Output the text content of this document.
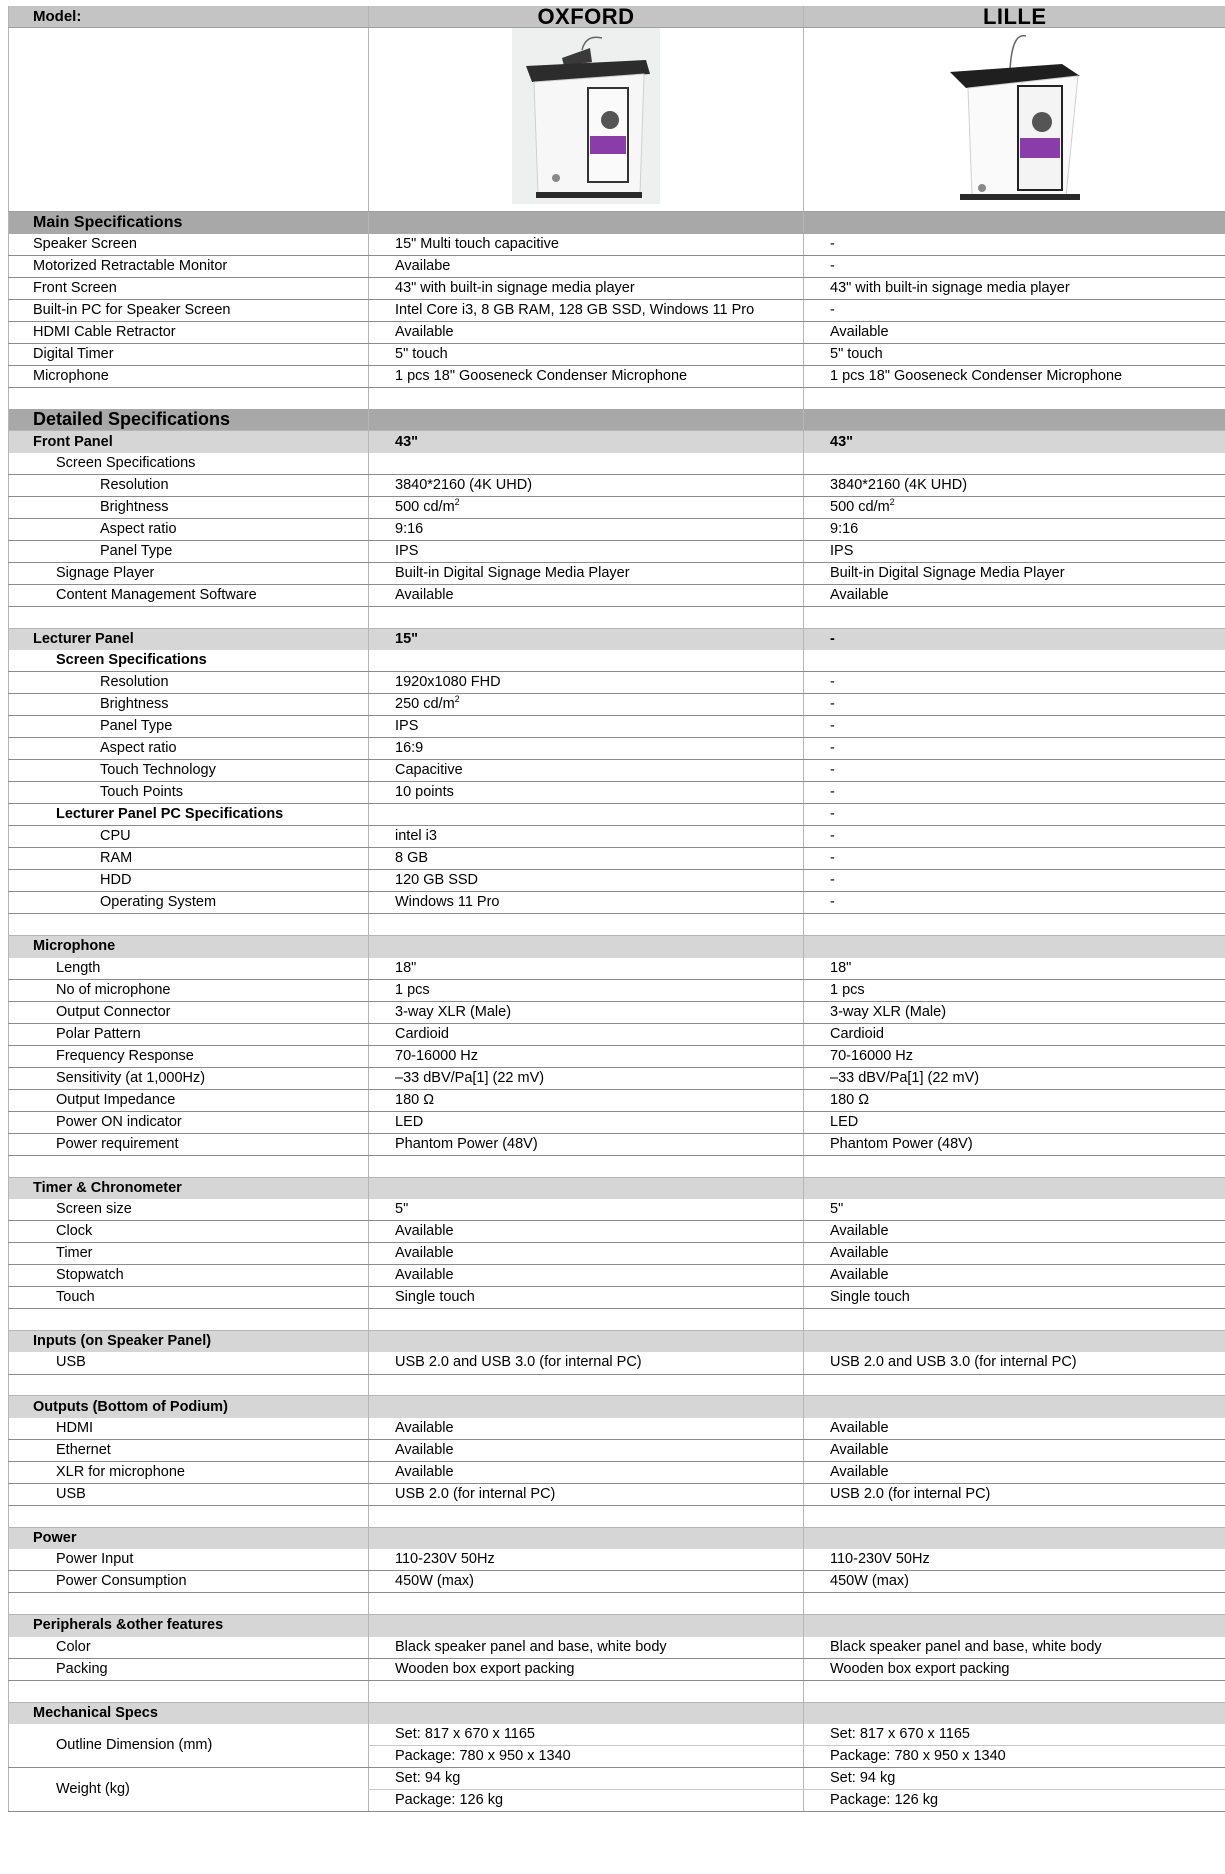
Model:	OXFORD	LILLE

Main Specifications		
Speaker Screen	15" Multi touch capacitive	-
Motorized Retractable Monitor	Availabe	-
Front Screen	43" with built-in signage media player	43" with built-in signage media player
Built-in PC for Speaker Screen	Intel Core i3, 8 GB RAM, 128 GB SSD, Windows 11 Pro	-
HDMI Cable Retractor	Available	Available
Digital Timer	5" touch	5" touch
Microphone	1 pcs 18" Gooseneck Condenser Microphone	1 pcs 18" Gooseneck Condenser Microphone

Detailed Specifications		
Front Panel	43"	43"
Screen Specifications		
Resolution	3840*2160 (4K UHD)	3840*2160 (4K UHD)
Brightness	500 $cd/m^2$	500 $cd/m^2$
Aspect ratio	9:16	9:16
Panel Type	IPS	IPS
Signage Player	Built-in Digital Signage Media Player	Built-in Digital Signage Media Player
Content Management Software	Available	Available

Lecturer Panel	15"	-
Screen Specifications		
Resolution	1920x1080 FHD	-
Brightness	250 $cd/m^2$	-
Panel Type	IPS	-
Aspect ratio	16:9	-
Touch Technology	Capacitive	-
Touch Points	10 points	-
Lecturer Panel PC Specifications		-
CPU	intel i3	-
RAM	8 GB	-
HDD	120 GB SSD	-
Operating System	Windows 11 Pro	-

Microphone		
Length	18"	18"
No of microphone	1 pcs	1 pcs
Output Connector	3-way XLR (Male)	3-way XLR (Male)
Polar Pattern	Cardioid	Cardioid
Frequency Response	70-16000 Hz	70-16000 Hz
Sensitivity (at 1,000Hz)	–33 dBV/Pa[1] (22 mV)	–33 dBV/Pa[1] (22 mV)
Output Impedance	180 Ω	180 Ω
Power ON indicator	LED	LED
Power requirement	Phantom Power (48V)	Phantom Power (48V)

Timer & Chronometer		
Screen size	5"	5"
Clock	Available	Available
Timer	Available	Available
Stopwatch	Available	Available
Touch	Single touch	Single touch

Inputs (on Speaker Panel)		
USB	USB 2.0 and USB 3.0 (for internal PC)	USB 2.0 and USB 3.0 (for internal PC)

Outputs (Bottom of Podium)		
HDMI	Available	Available
Ethernet	Available	Available
XLR for microphone	Available	Available
USB	USB 2.0 (for internal PC)	USB 2.0 (for internal PC)

Power		
Power Input	110-230V 50Hz	110-230V 50Hz
Power Consumption	450W (max)	450W (max)

Peripherals &other features		
Color	Black speaker panel and base, white body	Black speaker panel and base, white body
Packing	Wooden box export packing	Wooden box export packing

Mechanical Specs		
Outline Dimension (mm)	Set: 817 x 670 x 1165	Set: 817 x 670 x 1165
	Package: 780 x 950 x 1340	Package: 780 x 950 x 1340
Weight (kg)	Set: 94 kg	Set: 94 kg
	Package: 126 kg	Package: 126 kg
